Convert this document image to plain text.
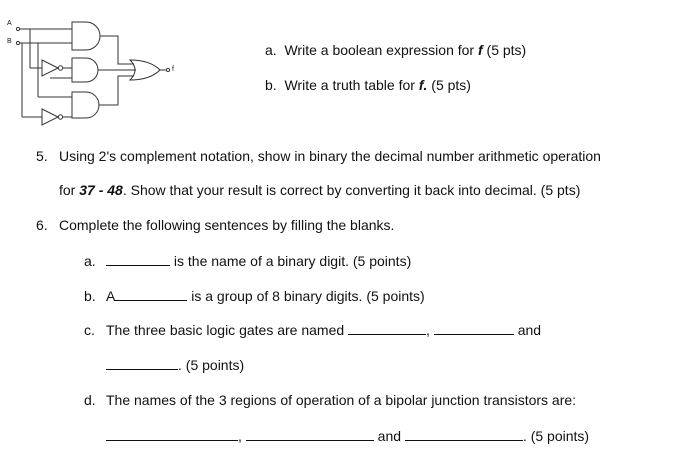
A
B
f
a. Write a boolean expression for f (5 pts)
b. Write a truth table for f. (5 pts)
5. Using 2's complement notation, show in binary the decimal number arithmetic operation
for 37 - 48. Show that your result is correct by converting it back into decimal. (5 pts)
6. Complete the following sentences by filling the blanks.
a.	is the name of a binary digit. (5 points)
b. A	is a group of 8 binary digits. (5 points)
c. The three basic logic gates are named	,	and
. (5 points)
d. The names of the 3 regions of operation of a bipolar junction transistors are:
,	and	. (5 points)
